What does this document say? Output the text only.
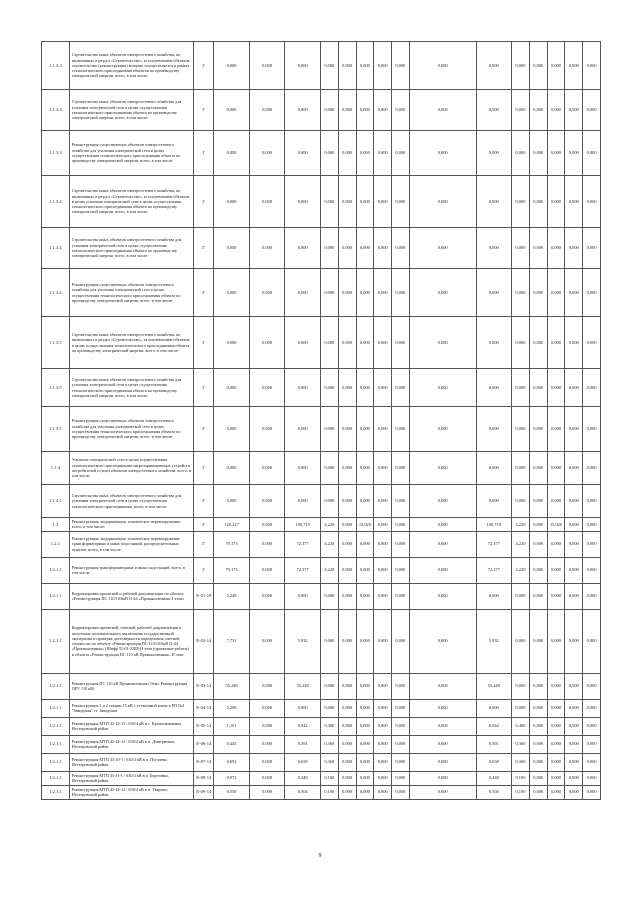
1.1.3.3	Строительство иных объектов электросетевого хозяйства, не включенных в раздел «Строительство», за исключением объектов, строительство (реконструкция) которых осуществляется в рамках технологического присоединения объектов по производству электрической энергии, всего, в том числе:	Г	0,000	0,000	0,000	0,000	0,000	0,000	0,000	0,000	0,000	0,000	0,000	0,000	0,000	0,000	0,000
1.1.3.3	Строительство иных объектов электросетевого хозяйства для усиления электрической сети в целях осуществления технологического присоединения объекта по производству электрической энергии, всего, в том числе:	Г	0,000	0,000	0,000	0,000	0,000	0,000	0,000	0,000	0,000	0,000	0,000	0,000	0,000	0,000	0,000
1.1.3.3	Реконструкция существующих объектов электросетевого хозяйства для усиления электрической сети в целях осуществления технологического присоединения объекта по производству электрической энергии, всего, в том числе:	Г	0,000	0,000	0,000	0,000	0,000	0,000	0,000	0,000	0,000	0,000	0,000	0,000	0,000	0,000	0,000
1.1.3.4	Строительство иных объектов электросетевого хозяйства, не включенных в раздел «Строительство», за исключением объектов в целях усиления электрической сети в целях осуществления технологического присоединения объекта по производству электрической энергии, всего, в том числе:	Г	0,000	0,000	0,000	0,000	0,000	0,000	0,000	0,000	0,000	0,000	0,000	0,000	0,000	0,000	0,000
1.1.3.4	Строительство иных объектов электросетевого хозяйства для усиления электрической сети в целях осуществления технологического присоединения объекта по производству электрической энергии, всего, в том числе:	Г	0,000	0,000	0,000	0,000	0,000	0,000	0,000	0,000	0,000	0,000	0,000	0,000	0,000	0,000	0,000
1.1.3.4	Реконструкция существующих объектов электросетевого хозяйства для усиления электрической сети в целях осуществления технологического присоединения объекта по производству электрической энергии, всего, в том числе:	Г	0,000	0,000	0,000	0,000	0,000	0,000	0,000	0,000	0,000	0,000	0,000	0,000	0,000	0,000	0,000
1.1.3.5	Строительство иных объектов электросетевого хозяйства, не включенных в раздел «Строительство», за исключением объектов в целях осуществления технологического присоединения объекта по производству электрической энергии, всего, в том числе:	Г	0,000	0,000	0,000	0,000	0,000	0,000	0,000	0,000	0,000	0,000	0,000	0,000	0,000	0,000	0,000
1.1.3.5	Строительство иных объектов электросетевого хозяйства для усиления электрической сети в целях осуществления технологического присоединения объекта по производству электрической энергии, всего, в том числе:	Г	0,000	0,000	0,000	0,000	0,000	0,000	0,000	0,000	0,000	0,000	0,000	0,000	0,000	0,000	0,000
1.1.3.5	Реконструкция существующих объектов электросетевого хозяйства для усиления электрической сети в целях осуществления технологического присоединения объекта по производству электрической энергии, всего, в том числе:	Г	0,000	0,000	0,000	0,000	0,000	0,000	0,000	0,000	0,000	0,000	0,000	0,000	0,000	0,000	0,000
1.1.4	Усиление электрической сети в целях осуществления технологического присоединения энергопринимающих устройств потребителей и (или) объектов электросетевого хозяйства, всего, в том числе:	Г	0,000	0,000	0,000	0,000	0,000	0,000	0,000	0,000	0,000	0,000	0,000	0,000	0,000	0,000	0,000
1.1.4.1	Строительство иных объектов электросетевого хозяйства для усиления электрической сети в целях осуществления технологического присоединения, всего, в том числе:	Г	0,000	0,000	0,000	0,000	0,000	0,000	0,000	0,000	0,000	0,000	0,000	0,000	0,000	0,000	0,000
1.2	Реконструкция, модернизация, техническое перевооружение, всего, в том числе:	Г	120,227	0,000	100,719	4,220	0,000	15,020	0,000	0,000	0,000	100,719	4,220	0,000	15,020	0,000	0,000
1.2.1	Реконструкция, модернизация, техническое перевооружение трансформаторных и иных подстанций, распределительных пунктов, всего, в том числе:	Г	79,173	0,000	72,377	4,220	0,000	0,000	0,000	0,000	0,000	72,377	4,220	0,000	0,000	0,000	0,000
1.2.1.1	Реконструкция трансформаторных и иных подстанций, всего, в том числе:	Г	79,173	0,000	72,377	4,220	0,000	0,000	0,000	0,000	0,000	72,377	4,220	0,000	0,000	0,000	0,000
1.2.1.1	Корректировка проектной и рабочей документации по объекту «Реконструкция ПС 110/10/6кВ О-44 «Промышленная» I этап»	E-01-19	2,248	0,000	0,000	0,000	0,000	0,000	0,000	0,000	0,000	0,000	0,000	0,000	0,000	0,000	0,000
1.2.1.1	Корректировка проектной, сметной, рабочей документации и получение положительного заключения государственной экспертизы и проверка достоверности определения сметной стоимости по объекту «Реконструкция ПС 110/10/6кВ О-44 «Промышленная» (Шифр 31-01-2/009) I этап (проектные работы) и объекта «Реконструкция ПС 110 кВ Промышленная», II этап.	E-02-14	7,731	0,000	5,932	0,000	0,000	0,000	0,000	0,000	0,000	5,932	0,000	0,000	0,000	0,000	0,000
1.2.1.1	Реконструкция ПС 110 кВ Промышленная (Этап: Реконструкция ОРУ 110 кВ)	E-03-14	55,248	0,000	55,248	0,000	0,000	0,000	0,000	0,000	0,000	55,248	0,000	0,000	0,000	0,000	0,000
1.2.1.1	Реконструкция 1 и 2 секции 15 кВ с установкой ячеек в РП №4 "Заводская" ст. Заводская	E-04-14	2,208	0,000	0,000	0,000	0,000	0,000	0,000	0,000	0,000	0,000	0,000	0,000	0,000	0,000	0,000
1.2.1.1	Реконструкция МТП 43-12-13 / 630/4 кВ в с. Краснознаменка, Нестеровский район	E-05-14	1,101	0,000	0,944	0,400	0,000	0,000	0,000	0,000	0,000	0,944	0,400	0,000	0,000	0,000	0,000
1.2.1.1	Реконструкция МТП 43-12-14 / 630/4 кВ в п. Дмитриевка, Нестеровский район	E-06-14	0,445	0,000	0,391	0,360	0,000	0,000	0,000	0,000	0,000	0,391	0,360	0,000	0,000	0,000	0,000
1.2.1.1	Реконструкция МТП 43-10-1 / 630/4 кВ в п. Пугачево, Нестеровский район	E-07-14	0,692	0,000	0,658	0,360	0,000	0,000	0,000	0,000	0,000	0,658	0,360	0,000	0,000	0,000	0,000
1.2.1.1	Реконструкция МТП 43-11-1 / 630/4 кВ в п. Березовка, Нестеровский район	E-08-14	0,972	0,000	0,448	0,100	0,000	0,000	0,000	0,000	0,000	0,448	0,100	0,000	0,000	0,000	0,000
1.2.1.1	Реконструкция МТП 43-12-12 / 630/4 кВ в п. Уварово, Нестеровский район	E-09-14	0,558	0,000	0,504	0,100	0,000	0,000	0,000	0,000	0,000	0,504	0,100	0,000	0,000	0,000	0,000
9
